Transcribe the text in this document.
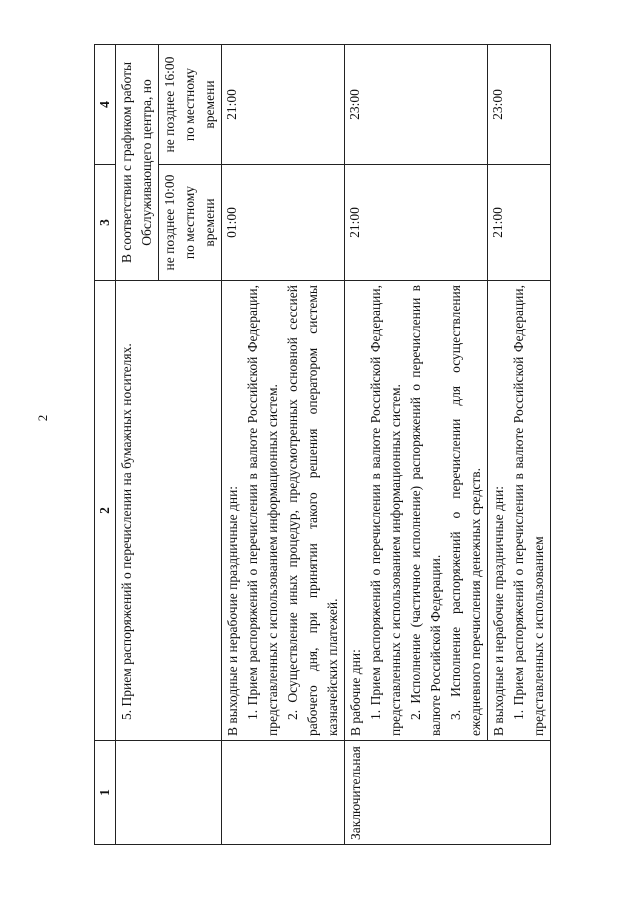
2
1	2	3	4

	5. Прием распоряжений о перечислении на бумажных носителях.	В соответствии с графиком работы Обслуживающего центра, но	
		не позднее 10:00 по местному времени	не позднее 16:00 по местному времени

	В выходные и нерабочие праздничные дни: 1. Прием распоряжений о перечислении в валюте Российской Федерации, представленных с использованием информационных систем. 2. Осуществление иных процедур, предусмотренных основной сессией рабочего дня, при принятии такого решения оператором системы казначейских платежей.	01:00	21:00
Заключительная	В рабочие дни: 1. Прием распоряжений о перечислении в валюте Российской Федерации, представленных с использованием информационных систем. 2. Исполнение (частичное исполнение) распоряжений о перечислении в валюте Российской Федерации. 3. Исполнение распоряжений о перечислении для осуществления ежедневного перечисления денежных средств.	21:00	23:00

	В выходные и нерабочие праздничные дни: 1. Прием распоряжений о перечислении в валюте Российской Федерации, представленных с использованием	21:00	23:00
